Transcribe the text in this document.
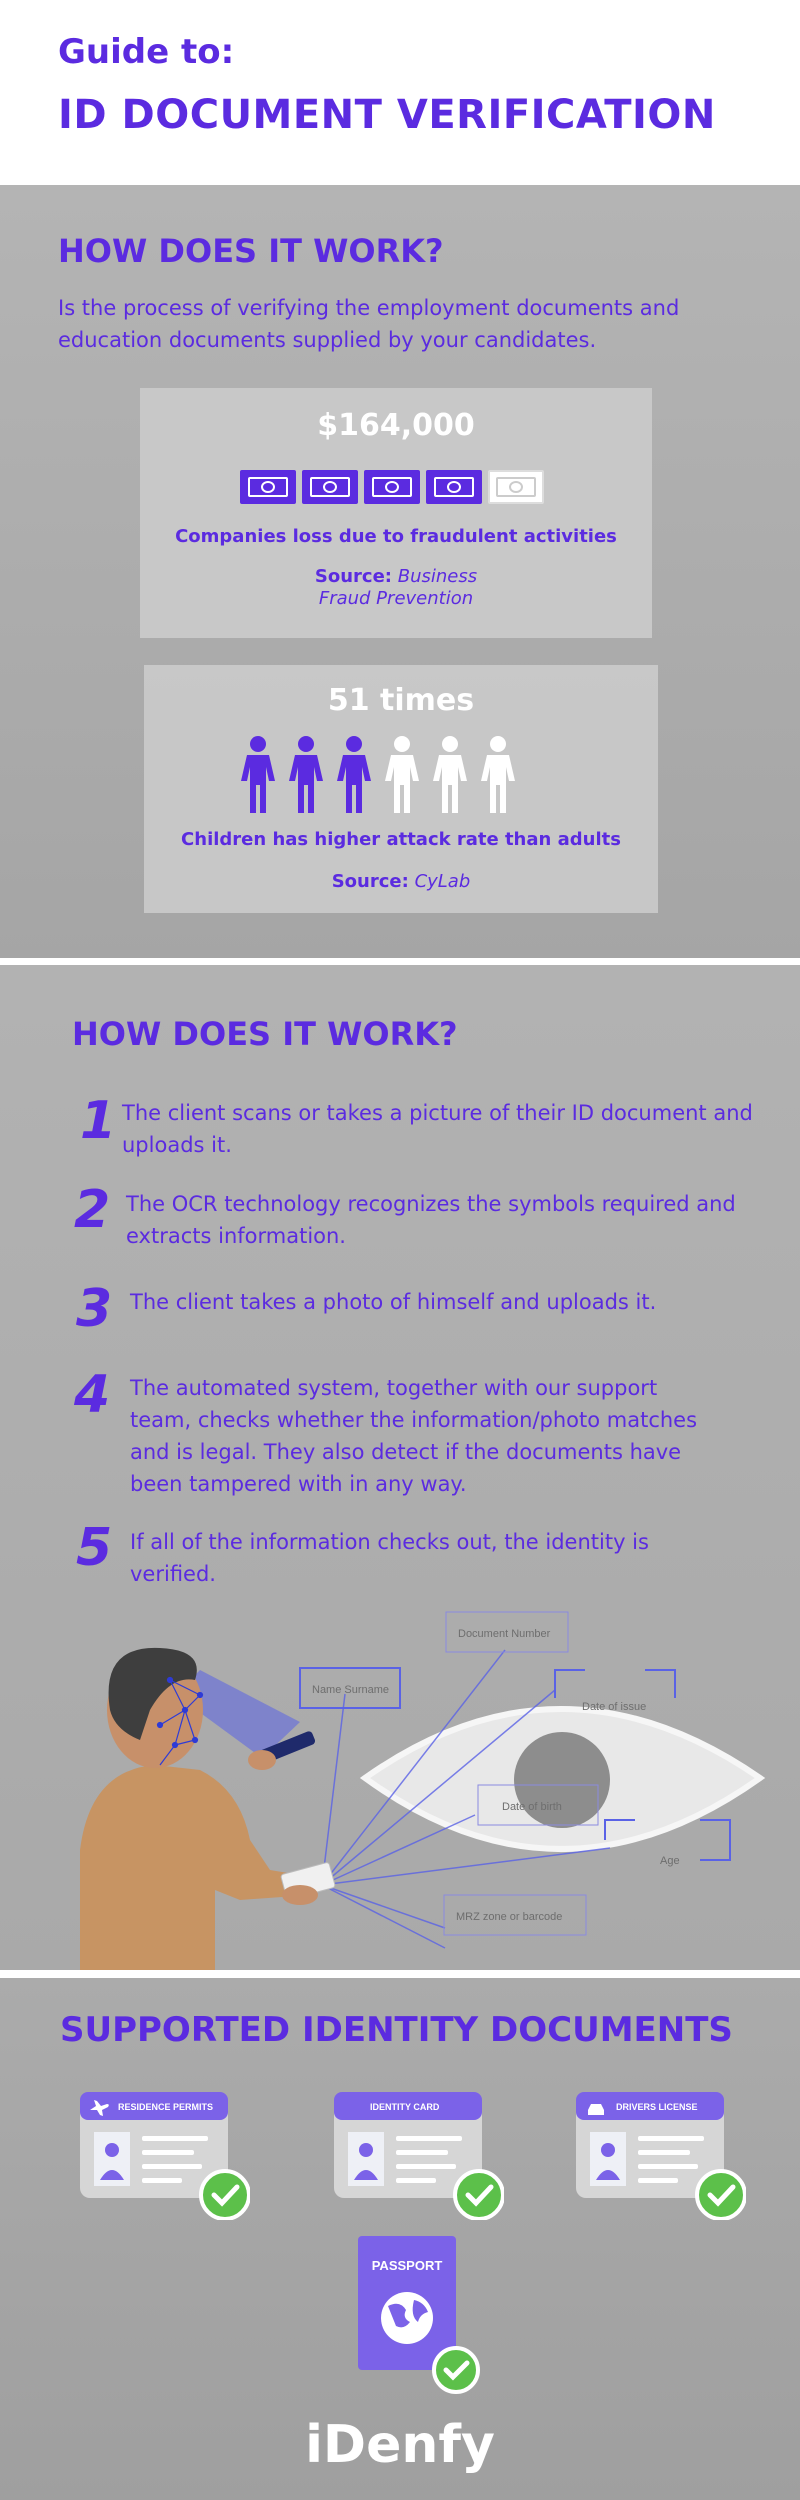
Guide to:
ID DOCUMENT VERIFICATION
HOW DOES IT WORK?
Is the process of verifying the employment documents and education documents supplied by your candidates.
$164,000
Companies loss due to fraudulent activities
Source: Business
Fraud Prevention
51 times
Children has higher attack rate than adults
Source: CyLab
HOW DOES IT WORK?
1 The client scans or takes a picture of their ID document and uploads it.
2 The OCR technology recognizes the symbols required and extracts information.
3 The client takes a photo of himself and uploads it.
4 The automated system, together with our support team, checks whether the information/photo matches and is legal. They also detect if the documents have been tampered with in any way.
5 If all of the information checks out, the identity is verified.
Document Number
Name Surname
Date of issue
Date of birth
Age
MRZ zone or barcode
SUPPORTED IDENTITY DOCUMENTS
RESIDENCE PERMITS	IDENTITY CARD	DRIVERS LICENSE
PASSPORT
iDenfy
